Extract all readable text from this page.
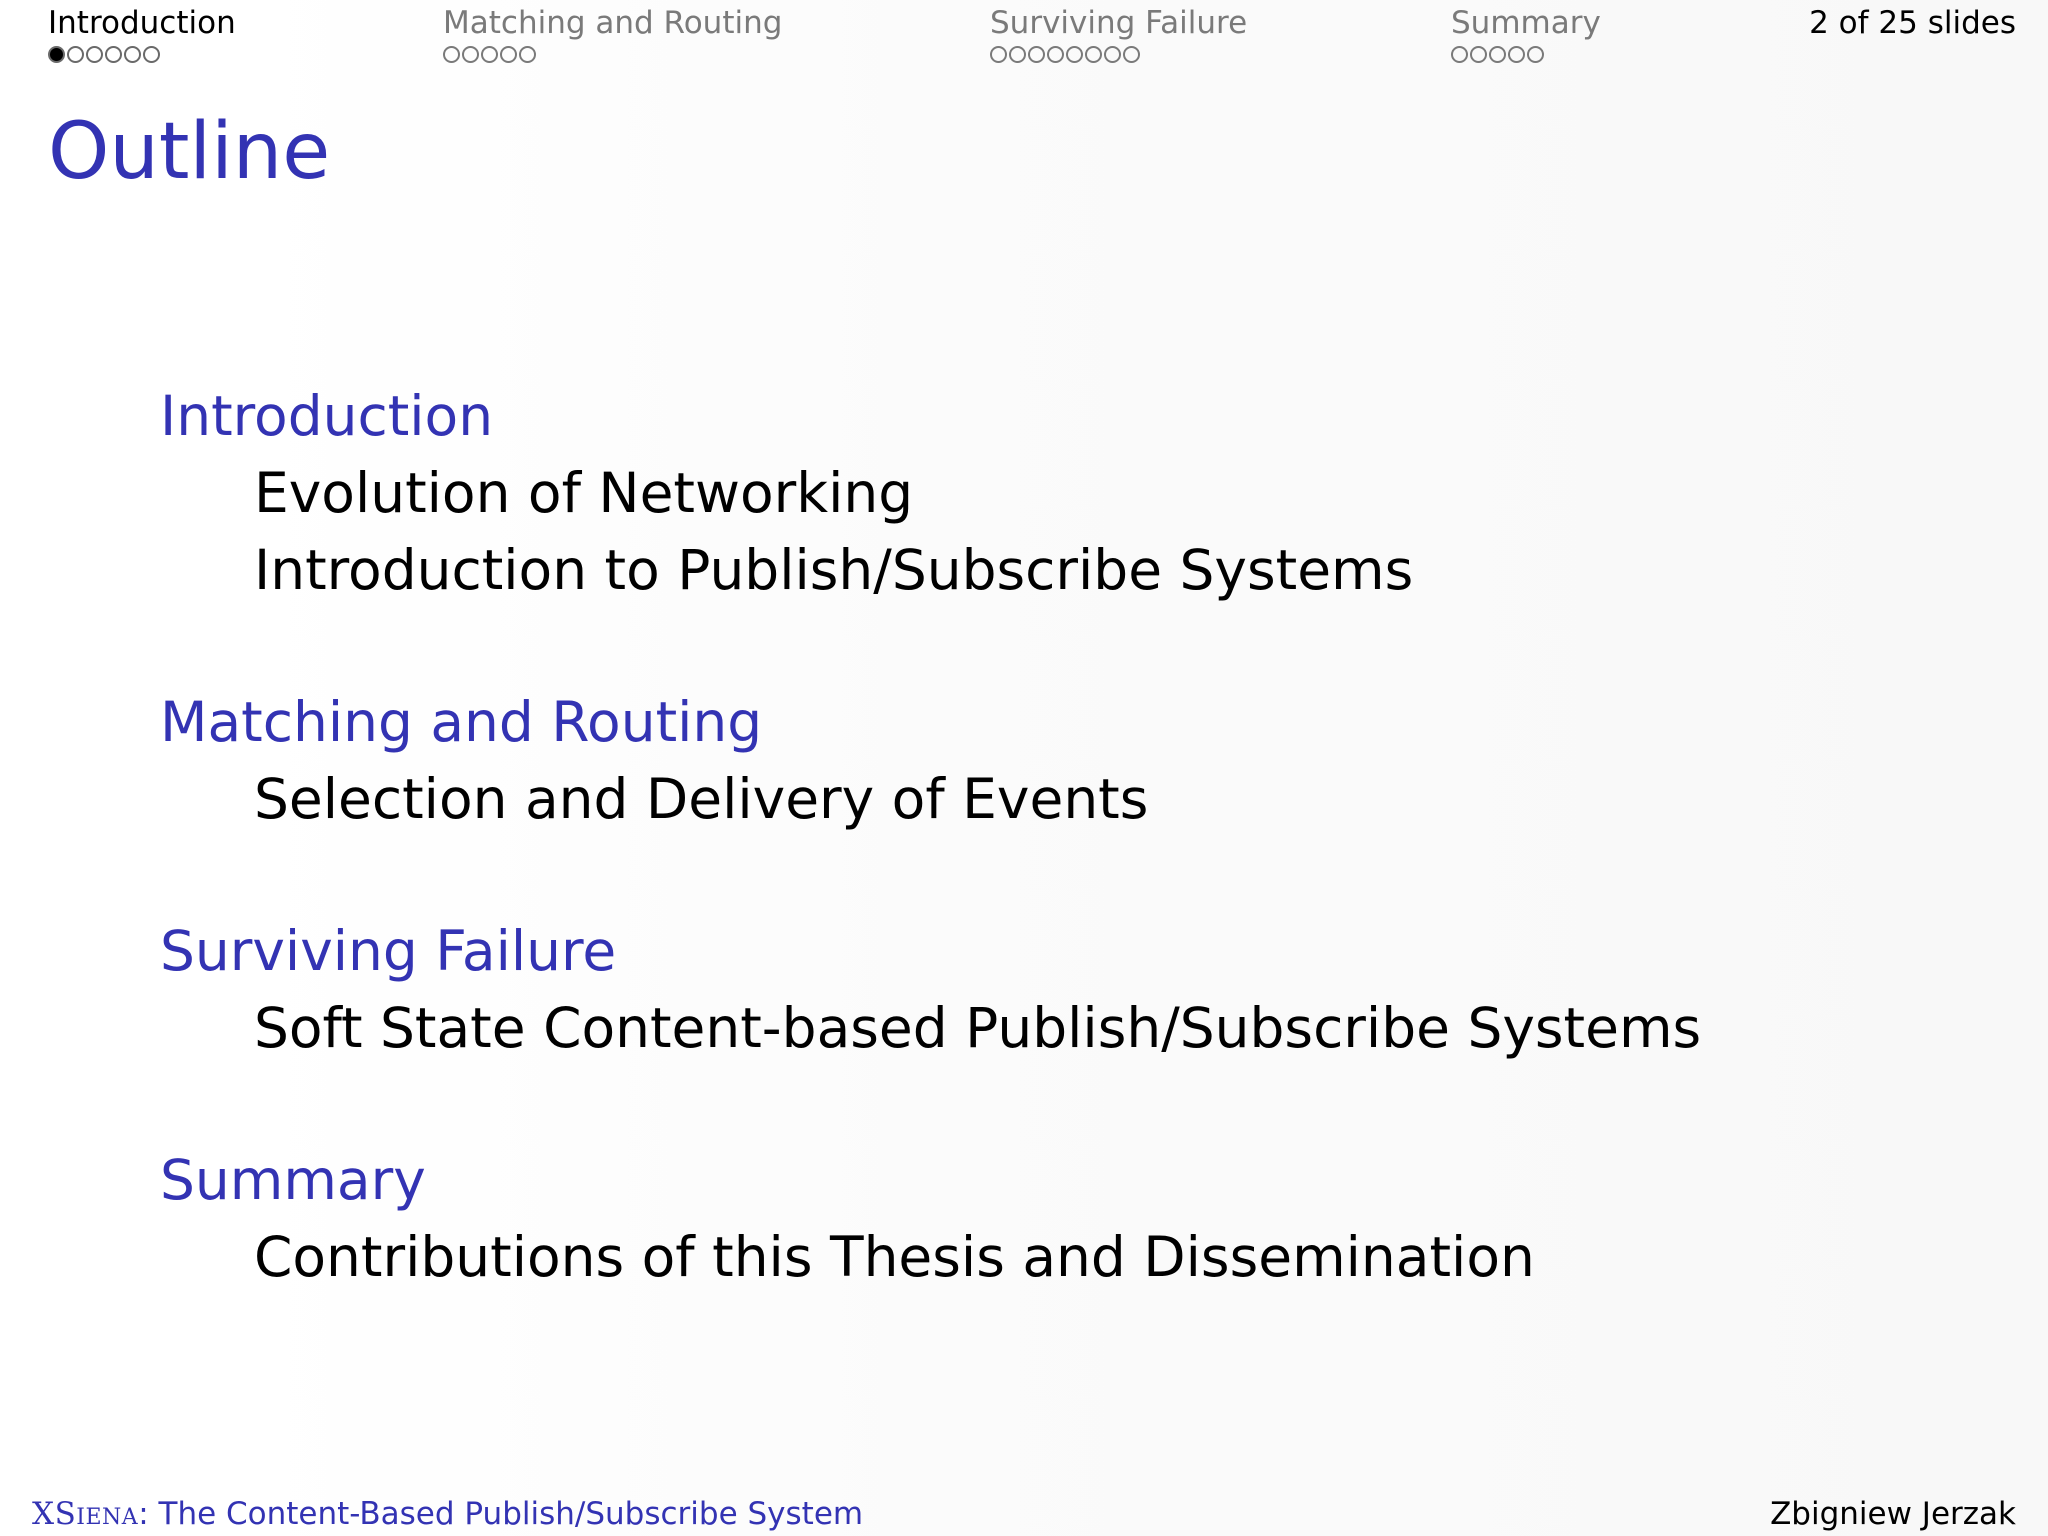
Introduction	Matching and Routing	Surviving Failure	Summary	2 of 25 slides
Outline
Introduction
Evolution of Networking
Introduction to Publish/Subscribe Systems
Matching and Routing
Selection and Delivery of Events
Surviving Failure
Soft State Content-based Publish/Subscribe Systems
Summary
Contributions of this Thesis and Dissemination
XSiena: The Content-Based Publish/Subscribe System	Zbigniew Jerzak
